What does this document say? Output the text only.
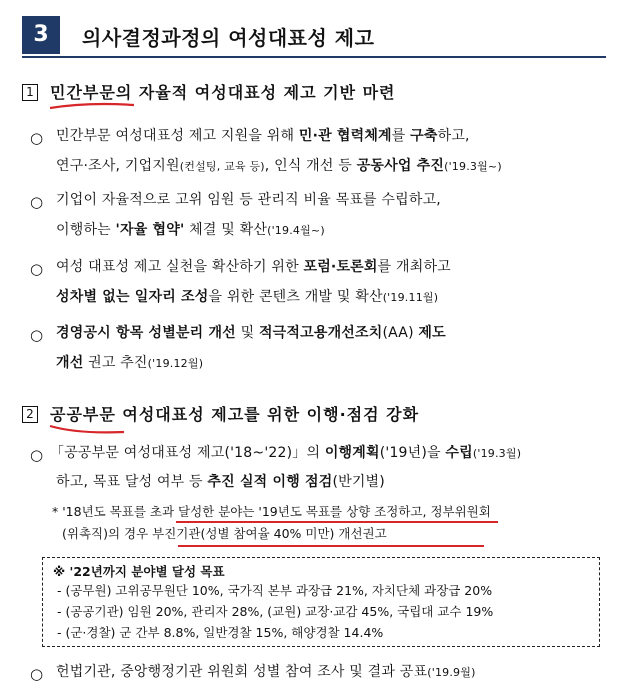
3	의사결정과정의 여성대표성 제고
1 민간부문의 자율적 여성대표성 제고 기반 마련
○ 민간부문 여성대표성 제고 지원을 위해 민·관 협력체계를 구축하고,
연구·조사, 기업지원(컨설팅, 교육 등), 인식 개선 등 공동사업 추진('19.3월~)
○ 기업이 자율적으로 고위 임원 등 관리직 비율 목표를 수립하고,
이행하는 '자율 협약' 체결 및 확산('19.4월~)
○ 여성 대표성 제고 실천을 확산하기 위한 포럼·토론회를 개최하고
성차별 없는 일자리 조성을 위한 콘텐츠 개발 및 확산('19.11월)
○ 경영공시 항목 성별분리 개선 및 적극적고용개선조치(AA) 제도
개선 권고 추진('19.12월)
2 공공부문 여성대표성 제고를 위한 이행·점검 강화
○ 「공공부문 여성대표성 제고('18~'22)」의 이행계획('19년)을 수립('19.3월)
하고, 목표 달성 여부 등 추진 실적 이행 점검(반기별)
* '18년도 목표를 초과 달성한 분야는 '19년도 목표를 상향 조정하고, 정부위원회
(위촉직)의 경우 부진기관(성별 참여율 40% 미만) 개선권고
※ '22년까지 분야별 달성 목표
- (공무원) 고위공무원단 10%, 국가직 본부 과장급 21%, 자치단체 과장급 20%
- (공공기관) 임원 20%, 관리자 28%, (교원) 교장·교감 45%, 국립대 교수 19%
- (군·경찰) 군 간부 8.8%, 일반경찰 15%, 해양경찰 14.4%
○ 헌법기관, 중앙행정기관 위원회 성별 참여 조사 및 결과 공표('19.9월)
